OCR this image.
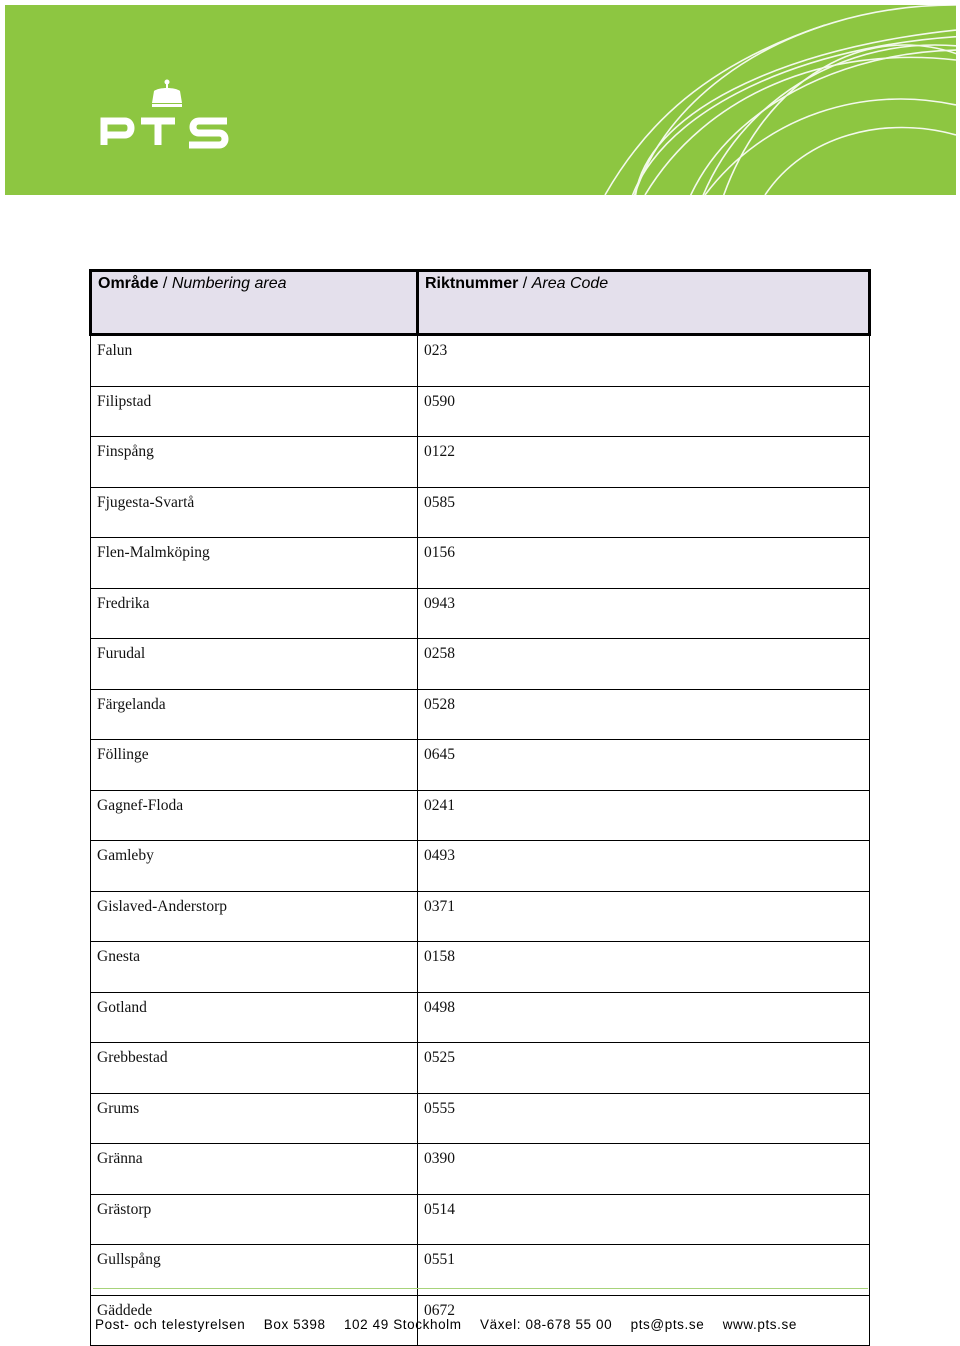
Område / Numbering area	Riktnummer / Area Code
Falun	023
Filipstad	0590
Finspång	0122
Fjugesta-Svartå	0585
Flen-Malmköping	0156
Fredrika	0943
Furudal	0258
Färgelanda	0528
Föllinge	0645
Gagnef-Floda	0241
Gamleby	0493
Gislaved-Anderstorp	0371
Gnesta	0158
Gotland	0498
Grebbestad	0525
Grums	0555
Gränna	0390
Grästorp	0514
Gullspång	0551
Gäddede	0672
Post- och telestyrelsen Box 5398 102 49 Stockholm Växel: 08-678 55 00 pts@pts.se www.pts.se
